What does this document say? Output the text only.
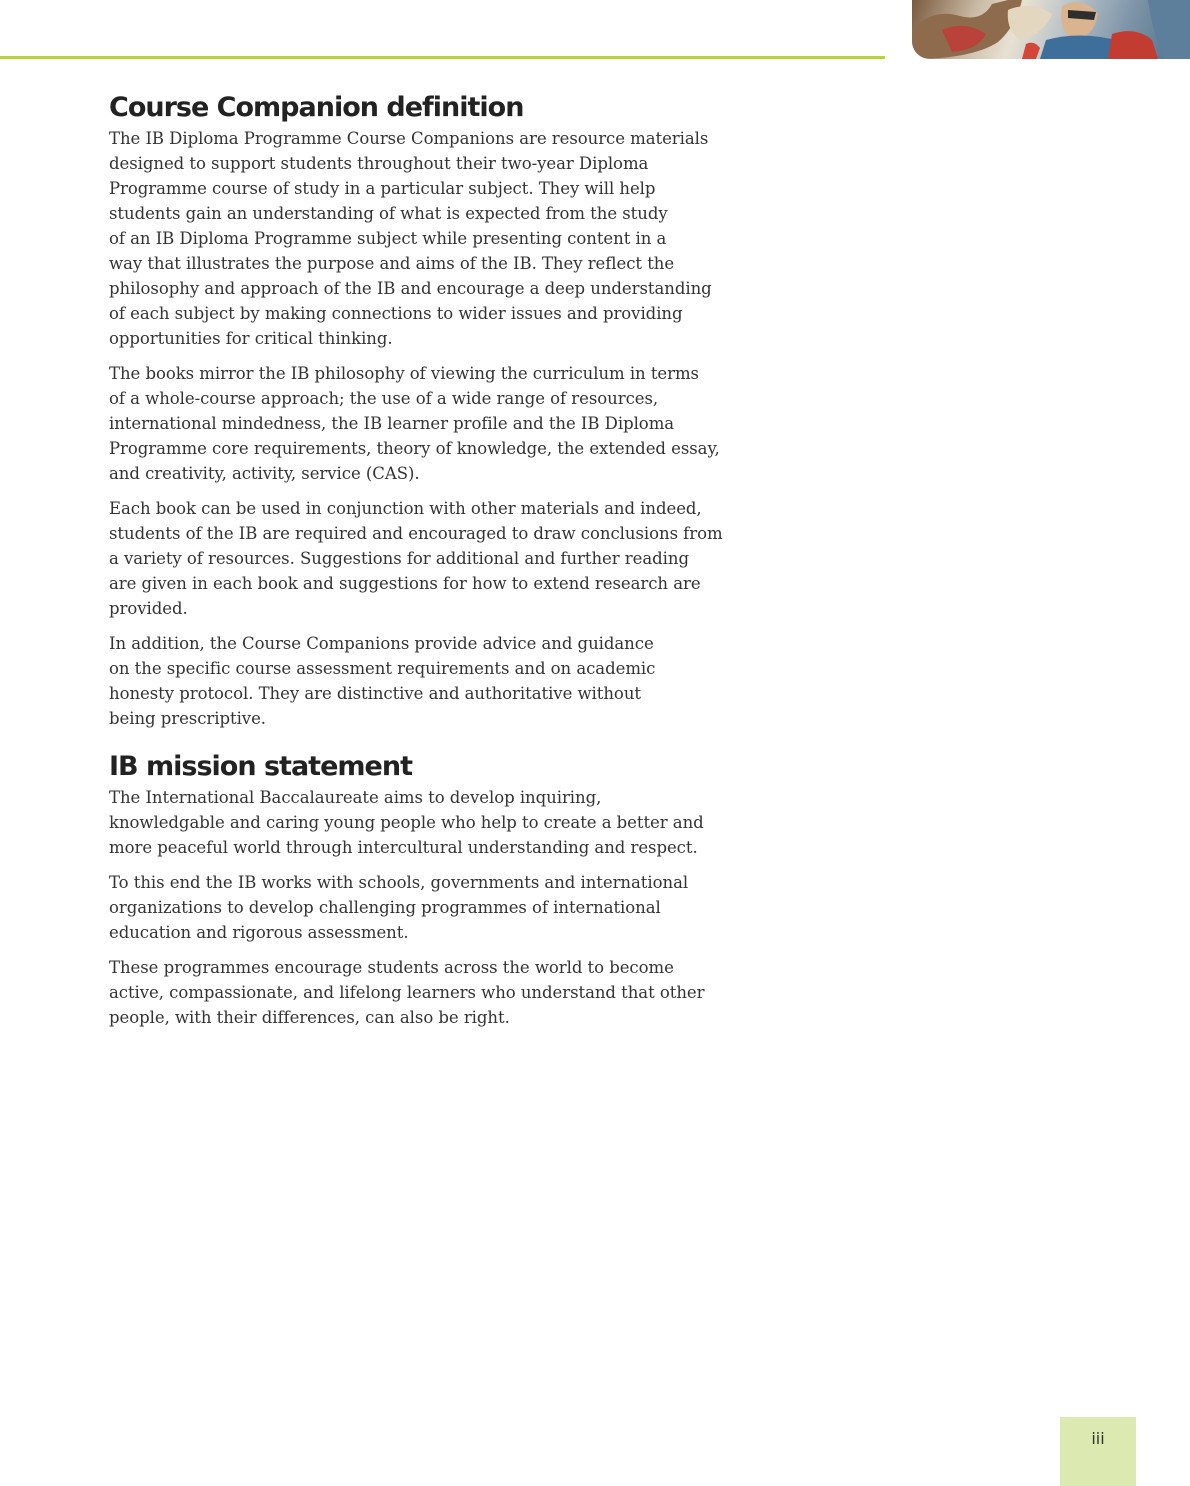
Course Companion definition

The IB Diploma Programme Course Companions are resource materials
designed to support students throughout their two-year Diploma
Programme course of study in a particular subject. They will help
students gain an understanding of what is expected from the study
of an IB Diploma Programme subject while presenting content in a
way that illustrates the purpose and aims of the IB. They reflect the
philosophy and approach of the IB and encourage a deep understanding
of each subject by making connections to wider issues and providing
opportunities for critical thinking.

The books mirror the IB philosophy of viewing the curriculum in terms
of a whole-course approach; the use of a wide range of resources,
international mindedness, the IB learner profile and the IB Diploma
Programme core requirements, theory of knowledge, the extended essay,
and creativity, activity, service (CAS).

Each book can be used in conjunction with other materials and indeed,
students of the IB are required and encouraged to draw conclusions from
a variety of resources. Suggestions for additional and further reading
are given in each book and suggestions for how to extend research are
provided.

In addition, the Course Companions provide advice and guidance
on the specific course assessment requirements and on academic
honesty protocol. They are distinctive and authoritative without
being prescriptive.

IB mission statement

The International Baccalaureate aims to develop inquiring,
knowledgable and caring young people who help to create a better and
more peaceful world through intercultural understanding and respect.

To this end the IB works with schools, governments and international
organizations to develop challenging programmes of international
education and rigorous assessment.

These programmes encourage students across the world to become
active, compassionate, and lifelong learners who understand that other
people, with their differences, can also be right.

iii
